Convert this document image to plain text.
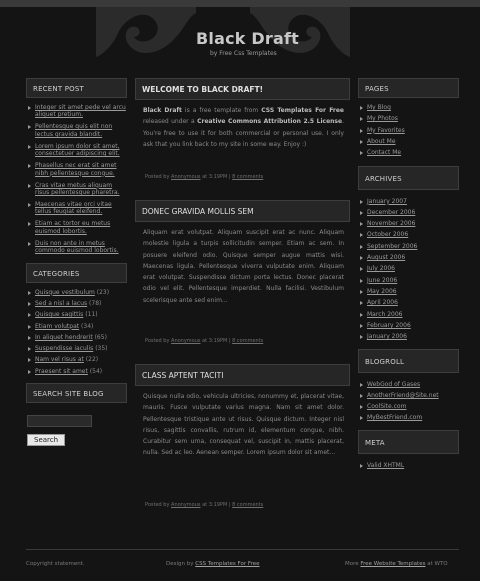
Black Draft
by Free Css Templates
RECENT POST
Integer sit amet pede vel arcu aliquet pretium.
Pellentesque quis elit non lectus gravida blandit.
Lorem ipsum dolor sit amet, consectetuer adipiscing elit.
Phasellus nec erat sit amet nibh pellentesque congue.
Cras vitae metus aliquam risus pellentesque pharetra.
Maecenas vitae orci vitae tellus feugiat eleifend.
Etiam ac tortor eu metus euismod lobortis.
Duis non ante in metus commodo euismod lobortis.
CATEGORIES
Quisque vestibulum (23)
Sed a nisl a lacus (78)
Quisque sagittis (11)
Etiam volutpat (34)
In aliquet hendrerit (65)
Suspendisse iaculis (35)
Nam vel risus at (22)
Praesent sit amet (54)
SEARCH SITE BLOG
Search
WELCOME TO BLACK DRAFT!
Black Draft is a free template from CSS Templates For Free released under a Creative Commons Attribution 2.5 License. You're free to use it for both commercial or personal use. I only ask that you link back to my site in some way. Enjoy :)
Posted by Anonymous at 3:19PM | 8 comments
DONEC GRAVIDA MOLLIS SEM
Aliquam erat volutpat. Aliquam suscipit erat ac nunc. Aliquam molestie ligula a turpis sollicitudin semper. Etiam ac sem. In posuere eleifend odio. Quisque semper augue mattis wisi. Maecenas ligula. Pellentesque viverra vulputate enim. Aliquam erat volutpat. Suspendisse dictum porta lectus. Donec placerat odio vel elit. Pellentesque imperdiet. Nulla facilisi. Vestibulum scelerisque ante sed enim...
Posted by Anonymous at 3:19PM | 8 comments
CLASS APTENT TACITI
Quisque nulla odio, vehicula ultricies, nonummy et, placerat vitae, mauris. Fusce vulputate varius magna. Nam sit amet dolor. Pellentesque tristique ante ut risus. Quisque dictum. Integer nisl risus, sagittis convallis, rutrum id, elementum congue, nibh. Curabitur sem urna, consequat vel, suscipit in, mattis placerat, nulla. Sed ac leo. Aenean semper. Lorem ipsum dolor sit amet...
Posted by Anonymous at 3:19PM | 8 comments
PAGES
My Blog
My Photos
My Favorites
About Me
Contact Me
ARCHIVES
January 2007
December 2006
November 2006
October 2006
September 2006
August 2006
July 2006
June 2006
May 2006
April 2006
March 2006
February 2006
January 2006
BLOGROLL
WebGod of Gases
AnotherFriend@Site.net
CoolSite.com
MyBestFriend.com
META
Valid XHTML
Copyright statement.	Design by CSS Templates For Free	More Free Website Templates at WTO
